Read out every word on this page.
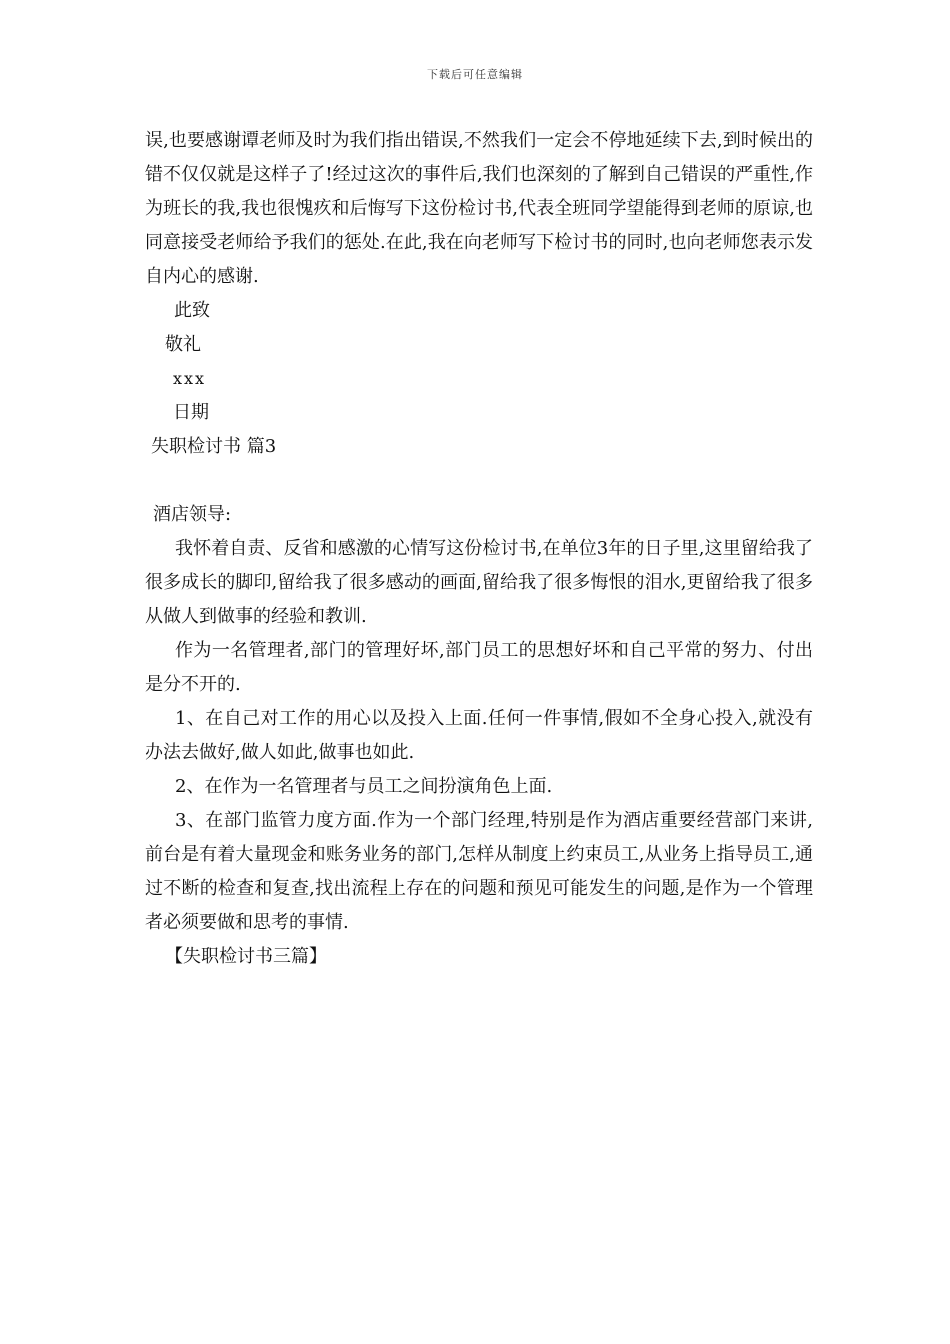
下载后可任意编辑

误,也要感谢谭老师及时为我们指出错误,不然我们一定会不停地延续下去,到时候出的错不仅仅就是这样子了!经过这次的事件后,我们也深刻的了解到自己错误的严重性,作为班长的我,我也很愧疚和后悔写下这份检讨书,代表全班同学望能得到老师的原谅,也同意接受老师给予我们的惩处.在此,我在向老师写下检讨书的同时,也向老师您表示发自内心的感谢.

此致

敬礼

xxx

日期

失职检讨书 篇3

酒店领导:

我怀着自责、反省和感激的心情写这份检讨书,在单位3年的日子里,这里留给我了很多成长的脚印,留给我了很多感动的画面,留给我了很多悔恨的泪水,更留给我了很多从做人到做事的经验和教训.

作为一名管理者,部门的管理好坏,部门员工的思想好坏和自己平常的努力、付出是分不开的.

1、在自己对工作的用心以及投入上面.任何一件事情,假如不全身心投入,就没有办法去做好,做人如此,做事也如此.

2、在作为一名管理者与员工之间扮演角色上面.

3、在部门监管力度方面.作为一个部门经理,特别是作为酒店重要经营部门来讲,前台是有着大量现金和账务业务的部门,怎样从制度上约束员工,从业务上指导员工,通过不断的检查和复查,找出流程上存在的问题和预见可能发生的问题,是作为一个管理者必须要做和思考的事情.

【失职检讨书三篇】
